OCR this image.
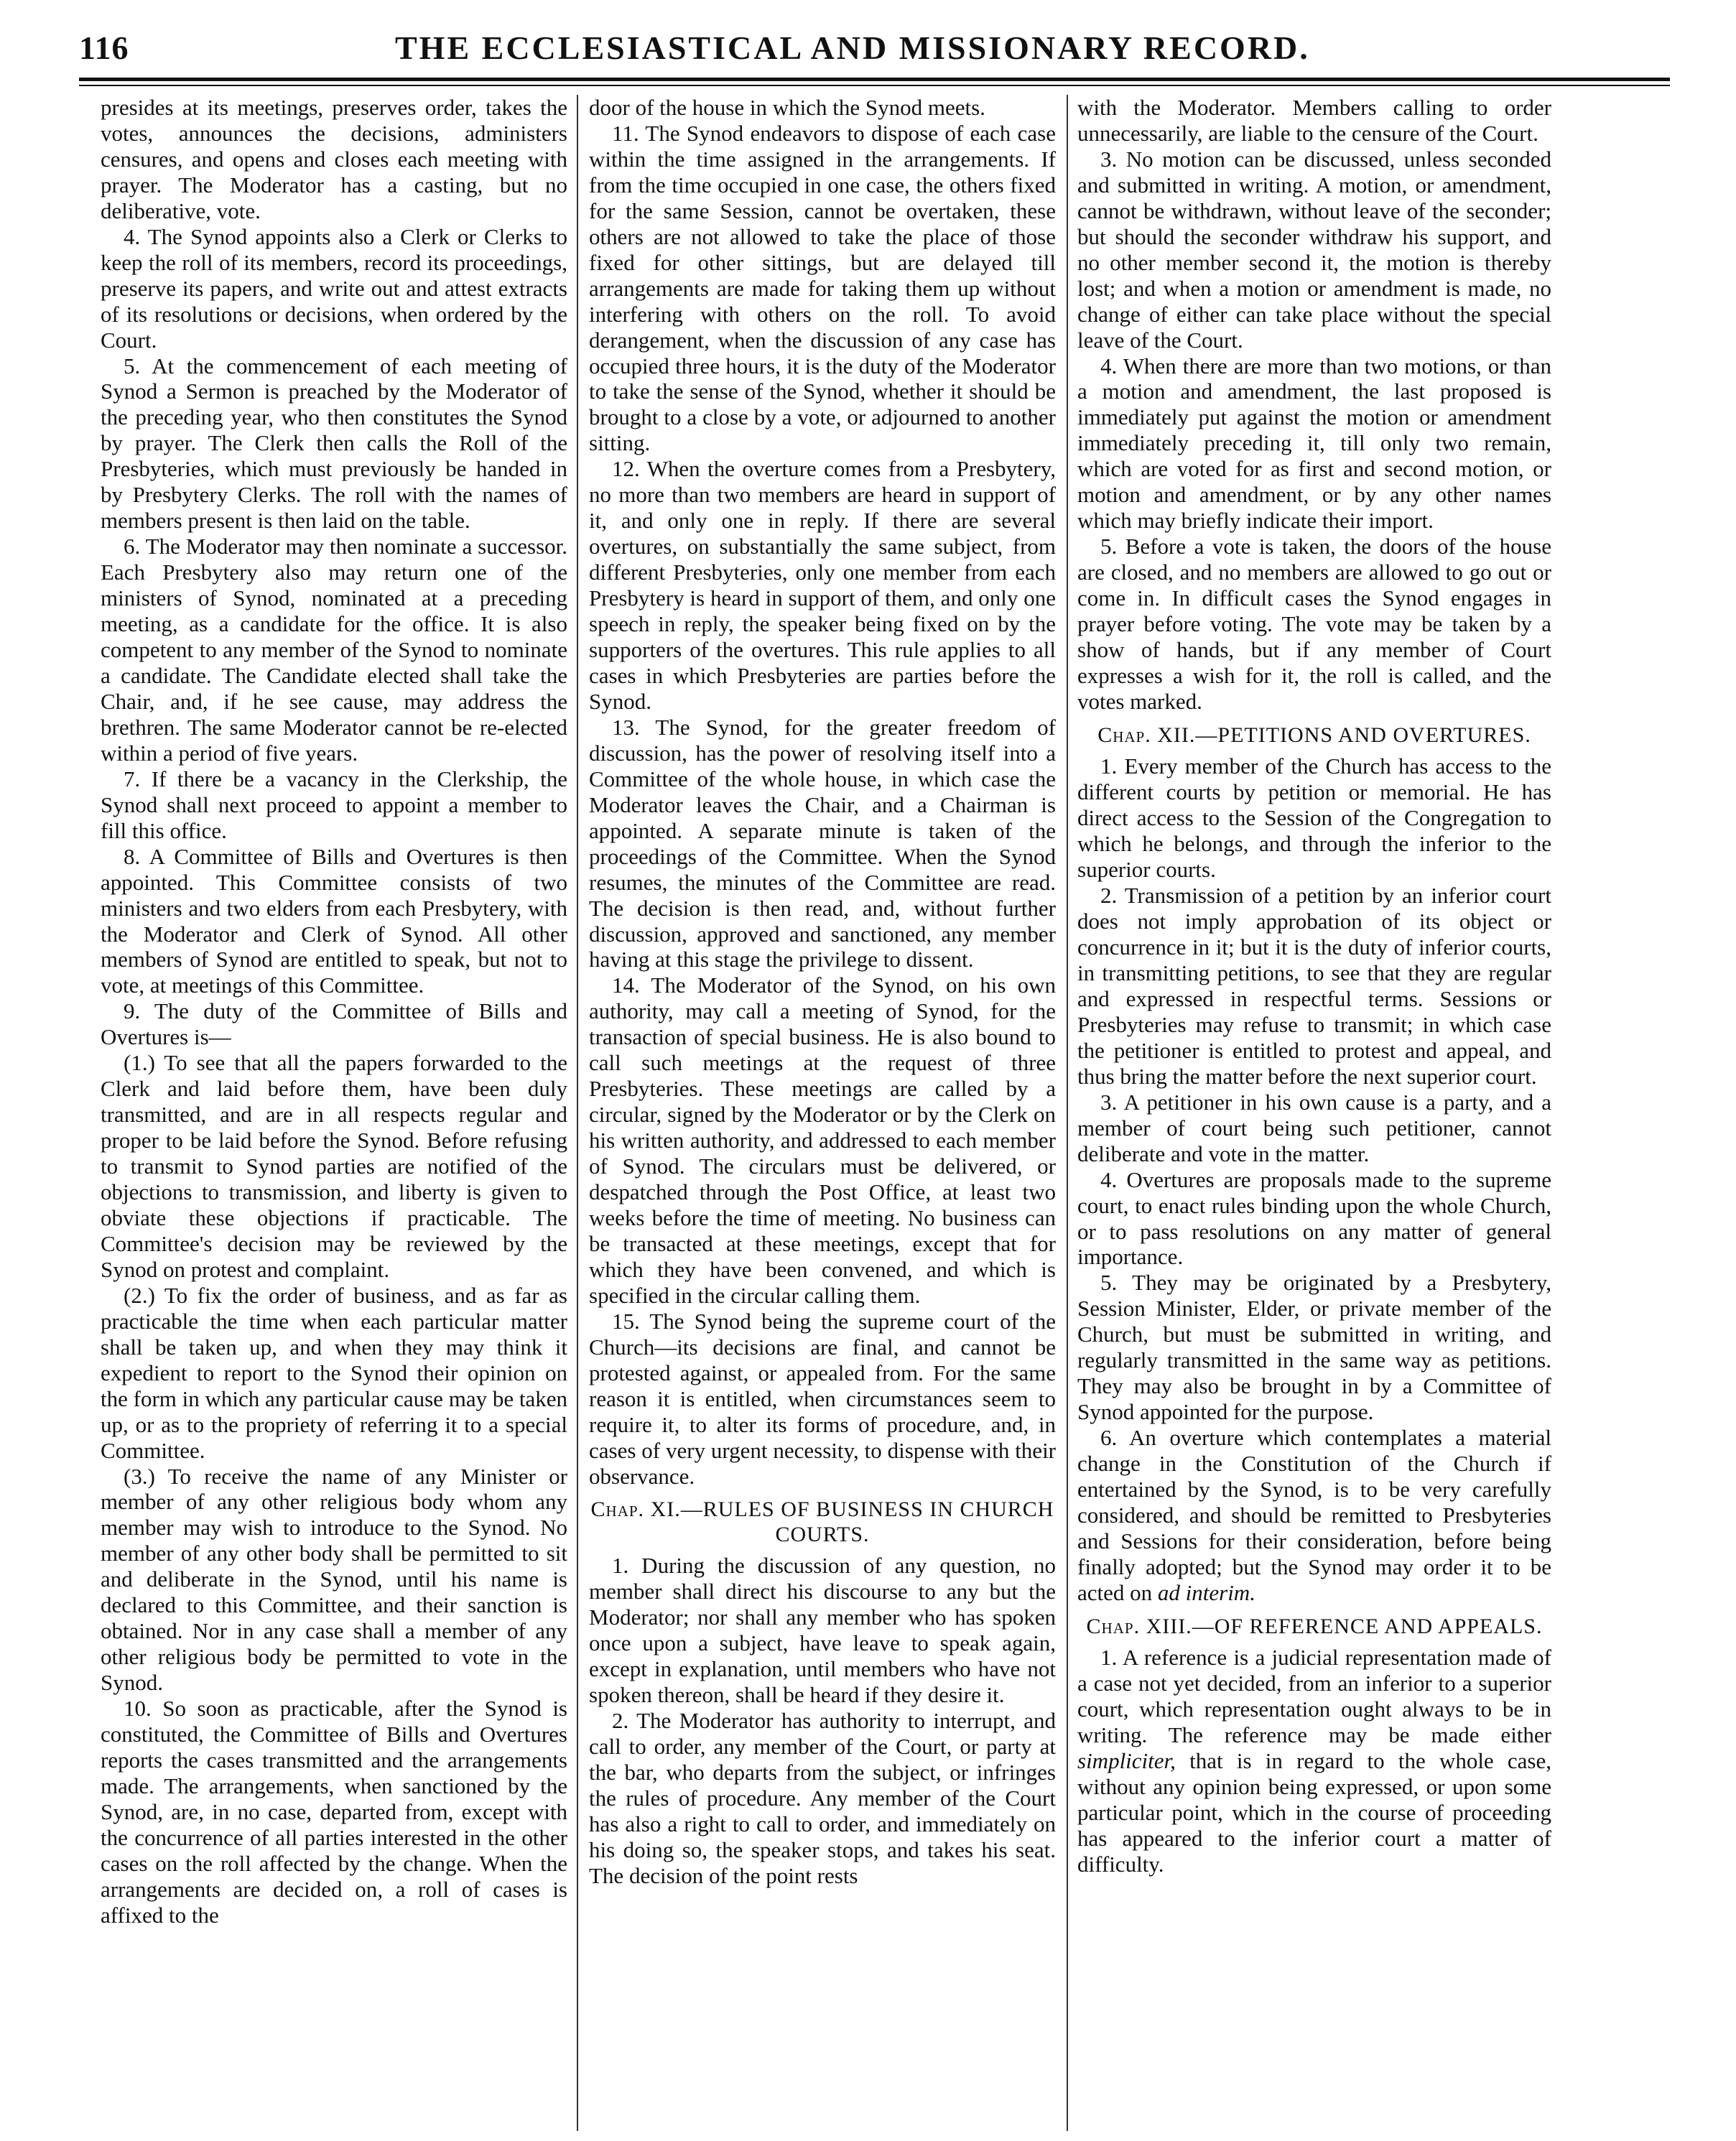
116	THE ECCLESIASTICAL AND MISSIONARY RECORD.

presides at its meetings, preserves order, takes the votes, announces the decisions, administers censures, and opens and closes each meeting with prayer. The Moderator has a casting, but no deliberative, vote.

4. The Synod appoints also a Clerk or Clerks to keep the roll of its members, record its proceedings, preserve its papers, and write out and attest extracts of its resolutions or decisions, when ordered by the Court.

5. At the commencement of each meeting of Synod a Sermon is preached by the Moderator of the preceding year, who then constitutes the Synod by prayer. The Clerk then calls the Roll of the Presbyteries, which must previously be handed in by Presbytery Clerks. The roll with the names of members present is then laid on the table.

6. The Moderator may then nominate a successor. Each Presbytery also may return one of the ministers of Synod, nominated at a preceding meeting, as a candidate for the office. It is also competent to any member of the Synod to nominate a candidate. The Candidate elected shall take the Chair, and, if he see cause, may address the brethren. The same Moderator cannot be re-elected within a period of five years.

7. If there be a vacancy in the Clerkship, the Synod shall next proceed to appoint a member to fill this office.

8. A Committee of Bills and Overtures is then appointed. This Committee consists of two ministers and two elders from each Presbytery, with the Moderator and Clerk of Synod. All other members of Synod are entitled to speak, but not to vote, at meetings of this Committee.

9. The duty of the Committee of Bills and Overtures is—

(1.) To see that all the papers forwarded to the Clerk and laid before them, have been duly transmitted, and are in all respects regular and proper to be laid before the Synod. Before refusing to transmit to Synod parties are notified of the objections to transmission, and liberty is given to obviate these objections if practicable. The Committee's decision may be reviewed by the Synod on protest and complaint.

(2.) To fix the order of business, and as far as practicable the time when each particular matter shall be taken up, and when they may think it expedient to report to the Synod their opinion on the form in which any particular cause may be taken up, or as to the propriety of referring it to a special Committee.

(3.) To receive the name of any Minister or member of any other religious body whom any member may wish to introduce to the Synod. No member of any other body shall be permitted to sit and deliberate in the Synod, until his name is declared to this Committee, and their sanction is obtained. Nor in any case shall a member of any other religious body be permitted to vote in the Synod.

10. So soon as practicable, after the Synod is constituted, the Committee of Bills and Overtures reports the cases transmitted and the arrangements made. The arrangements, when sanctioned by the Synod, are, in no case, departed from, except with the concurrence of all parties interested in the other cases on the roll affected by the change. When the arrangements are decided on, a roll of cases is affixed to the

door of the house in which the Synod meets.

11. The Synod endeavors to dispose of each case within the time assigned in the arrangements. If from the time occupied in one case, the others fixed for the same Session, cannot be overtaken, these others are not allowed to take the place of those fixed for other sittings, but are delayed till arrangements are made for taking them up without interfering with others on the roll. To avoid derangement, when the discussion of any case has occupied three hours, it is the duty of the Moderator to take the sense of the Synod, whether it should be brought to a close by a vote, or adjourned to another sitting.

12. When the overture comes from a Presbytery, no more than two members are heard in support of it, and only one in reply. If there are several overtures, on substantially the same subject, from different Presbyteries, only one member from each Presbytery is heard in support of them, and only one speech in reply, the speaker being fixed on by the supporters of the overtures. This rule applies to all cases in which Presbyteries are parties before the Synod.

13. The Synod, for the greater freedom of discussion, has the power of resolving itself into a Committee of the whole house, in which case the Moderator leaves the Chair, and a Chairman is appointed. A separate minute is taken of the proceedings of the Committee. When the Synod resumes, the minutes of the Committee are read. The decision is then read, and, without further discussion, approved and sanctioned, any member having at this stage the privilege to dissent.

14. The Moderator of the Synod, on his own authority, may call a meeting of Synod, for the transaction of special business. He is also bound to call such meetings at the request of three Presbyteries. These meetings are called by a circular, signed by the Moderator or by the Clerk on his written authority, and addressed to each member of Synod. The circulars must be delivered, or despatched through the Post Office, at least two weeks before the time of meeting. No business can be transacted at these meetings, except that for which they have been convened, and which is specified in the circular calling them.

15. The Synod being the supreme court of the Church—its decisions are final, and cannot be protested against, or appealed from. For the same reason it is entitled, when circumstances seem to require it, to alter its forms of procedure, and, in cases of very urgent necessity, to dispense with their observance.

Chap. XI.—RULES OF BUSINESS IN CHURCH COURTS.

1. During the discussion of any question, no member shall direct his discourse to any but the Moderator; nor shall any member who has spoken once upon a subject, have leave to speak again, except in explanation, until members who have not spoken thereon, shall be heard if they desire it.

2. The Moderator has authority to interrupt, and call to order, any member of the Court, or party at the bar, who departs from the subject, or infringes the rules of procedure. Any member of the Court has also a right to call to order, and immediately on his doing so, the speaker stops, and takes his seat. The decision of the point rests

with the Moderator. Members calling to order unnecessarily, are liable to the censure of the Court.

3. No motion can be discussed, unless seconded and submitted in writing. A motion, or amendment, cannot be withdrawn, without leave of the seconder; but should the seconder withdraw his support, and no other member second it, the motion is thereby lost; and when a motion or amendment is made, no change of either can take place without the special leave of the Court.

4. When there are more than two motions, or than a motion and amendment, the last proposed is immediately put against the motion or amendment immediately preceding it, till only two remain, which are voted for as first and second motion, or motion and amendment, or by any other names which may briefly indicate their import.

5. Before a vote is taken, the doors of the house are closed, and no members are allowed to go out or come in. In difficult cases the Synod engages in prayer before voting. The vote may be taken by a show of hands, but if any member of Court expresses a wish for it, the roll is called, and the votes marked.

Chap. XII.—PETITIONS AND OVERTURES.

1. Every member of the Church has access to the different courts by petition or memorial. He has direct access to the Session of the Congregation to which he belongs, and through the inferior to the superior courts.

2. Transmission of a petition by an inferior court does not imply approbation of its object or concurrence in it; but it is the duty of inferior courts, in transmitting petitions, to see that they are regular and expressed in respectful terms. Sessions or Presbyteries may refuse to transmit; in which case the petitioner is entitled to protest and appeal, and thus bring the matter before the next superior court.

3. A petitioner in his own cause is a party, and a member of court being such petitioner, cannot deliberate and vote in the matter.

4. Overtures are proposals made to the supreme court, to enact rules binding upon the whole Church, or to pass resolutions on any matter of general importance.

5. They may be originated by a Presbytery, Session Minister, Elder, or private member of the Church, but must be submitted in writing, and regularly transmitted in the same way as petitions. They may also be brought in by a Committee of Synod appointed for the purpose.

6. An overture which contemplates a material change in the Constitution of the Church if entertained by the Synod, is to be very carefully considered, and should be remitted to Presbyteries and Sessions for their consideration, before being finally adopted; but the Synod may order it to be acted on ad interim.

Chap. XIII.—OF REFERENCE AND APPEALS.

1. A reference is a judicial representation made of a case not yet decided, from an inferior to a superior court, which representation ought always to be in writing. The reference may be made either simpliciter, that is in regard to the whole case, without any opinion being expressed, or upon some particular point, which in the course of proceeding has appeared to the inferior court a matter of difficulty.
